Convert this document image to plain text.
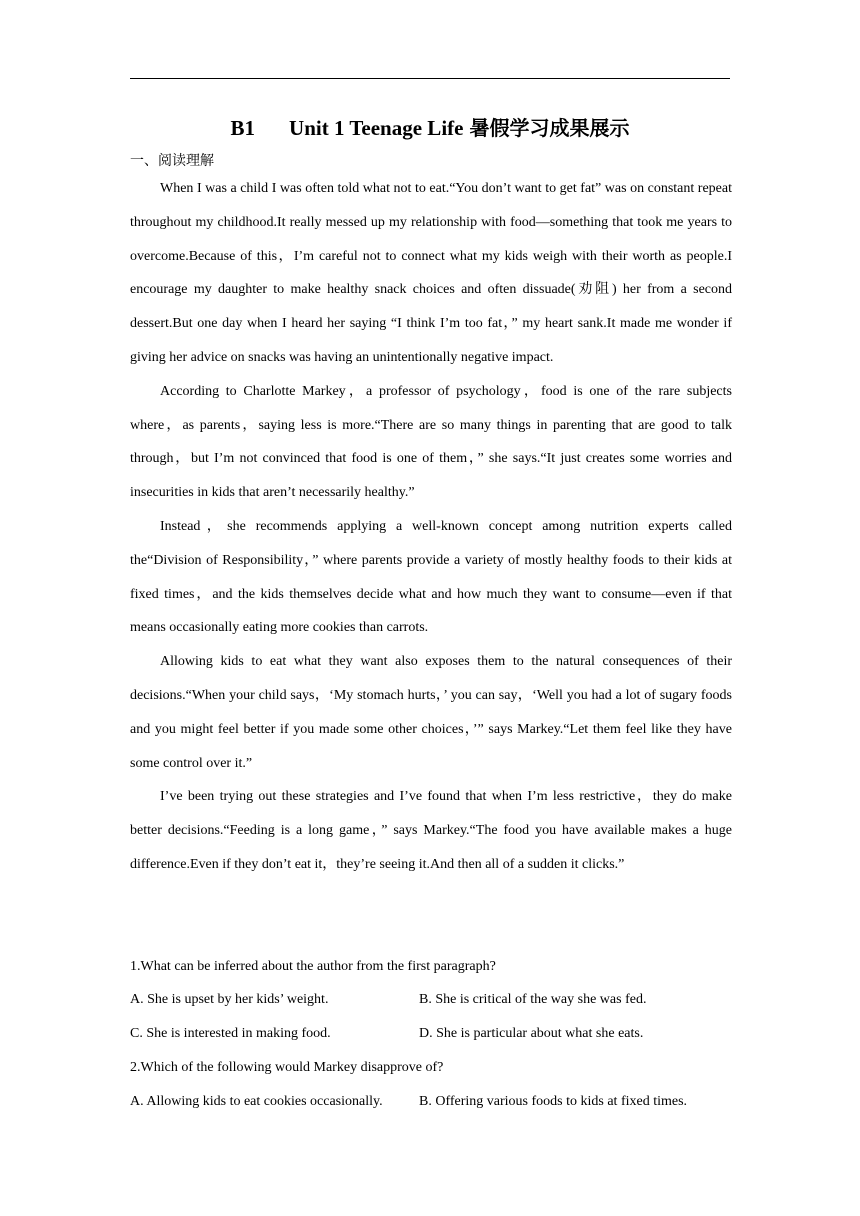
B1 Unit 1 Teenage Life 暑假学习成果展示
一、阅读理解

When I was a child I was often told what not to eat.“You don’t want to get fat” was on constant repeat throughout my childhood.It really messed up my relationship with food—something that took me years to overcome.Because of this，I’m careful not to connect what my kids weigh with their worth as people.I encourage my daughter to make healthy snack choices and often dissuade(劝阻) her from a second dessert.But one day when I heard her saying “I think I’m too fat，” my heart sank.It made me wonder if giving her advice on snacks was having an unintentionally negative impact.

According to Charlotte Markey，a professor of psychology，food is one of the rare subjects where，as parents，saying less is more.“There are so many things in parenting that are good to talk through，but I’m not convinced that food is one of them，” she says.“It just creates some worries and insecurities in kids that aren’t necessarily healthy.”

Instead，she recommends applying a well-known concept among nutrition experts called the“Division of Responsibility，” where parents provide a variety of mostly healthy foods to their kids at fixed times，and the kids themselves decide what and how much they want to consume—even if that means occasionally eating more cookies than carrots.

Allowing kids to eat what they want also exposes them to the natural consequences of their decisions.“When your child says，‘My stomach hurts，’ you can say，‘Well you had a lot of sugary foods and you might feel better if you made some other choices，’” says Markey.“Let them feel like they have some control over it.”

I’ve been trying out these strategies and I’ve found that when I’m less restrictive，they do make better decisions.“Feeding is a long game，” says Markey.“The food you have available makes a huge difference.Even if they don’t eat it，they’re seeing it.And then all of a sudden it clicks.”

1.What can be inferred about the author from the first paragraph?
A. She is upset by her kids’ weight.	B. She is critical of the way she was fed.
C. She is interested in making food.	D. She is particular about what she eats.
2.Which of the following would Markey disapprove of?
A. Allowing kids to eat cookies occasionally.	B. Offering various foods to kids at fixed times.
